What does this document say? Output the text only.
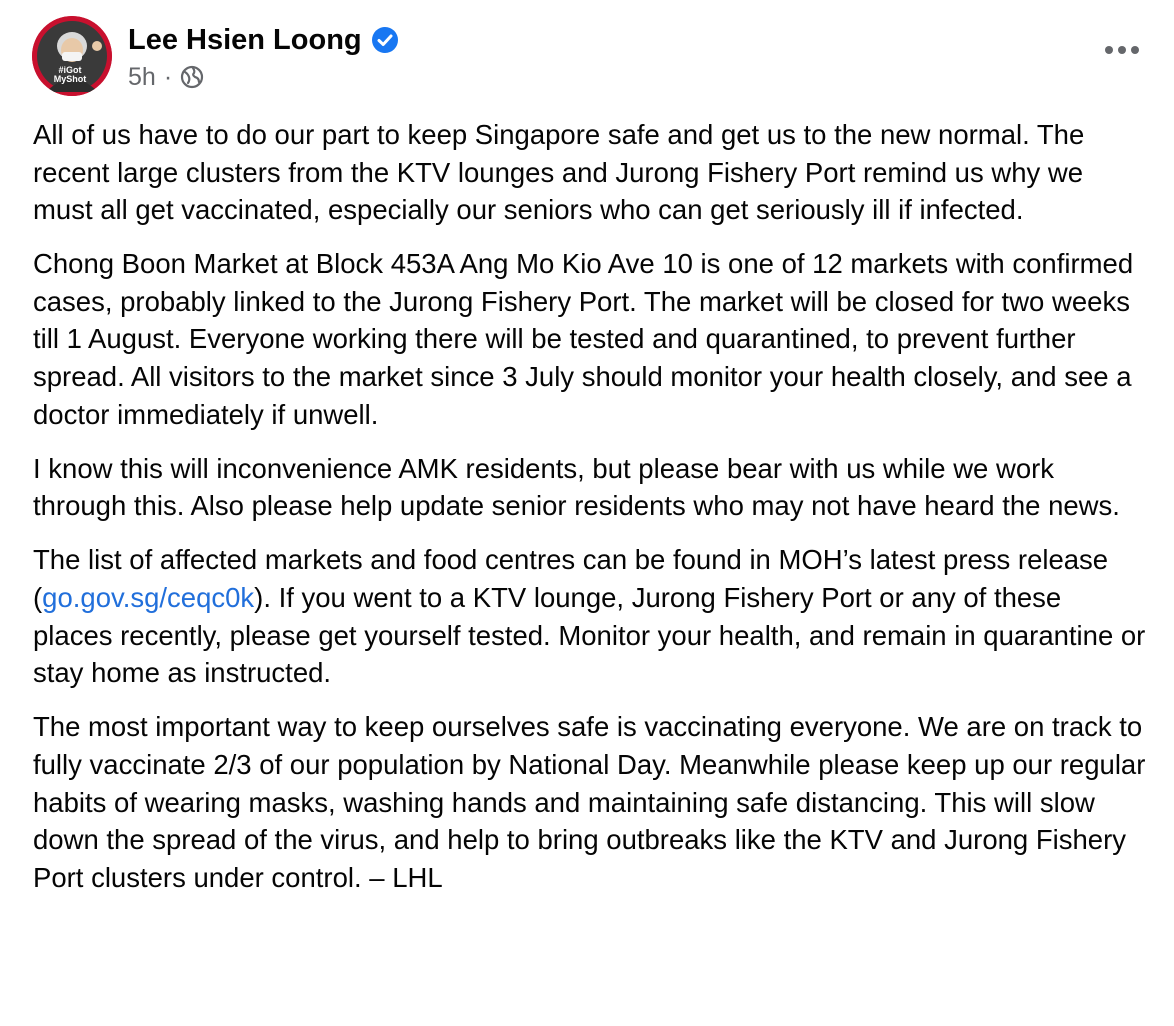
#iGot
MyShot
Lee Hsien Loong
5h ·

All of us have to do our part to keep Singapore safe and get us to the new normal. The recent large clusters from the KTV lounges and Jurong Fishery Port remind us why we must all get vaccinated, especially our seniors who can get seriously ill if infected.

Chong Boon Market at Block 453A Ang Mo Kio Ave 10 is one of 12 markets with confirmed cases, probably linked to the Jurong Fishery Port. The market will be closed for two weeks till 1 August. Everyone working there will be tested and quarantined, to prevent further spread. All visitors to the market since 3 July should monitor your health closely, and see a doctor immediately if unwell.

I know this will inconvenience AMK residents, but please bear with us while we work through this. Also please help update senior residents who may not have heard the news.

The list of affected markets and food centres can be found in MOH’s latest press release (go.gov.sg/ceqc0k). If you went to a KTV lounge, Jurong Fishery Port or any of these places recently, please get yourself tested. Monitor your health, and remain in quarantine or stay home as instructed.

The most important way to keep ourselves safe is vaccinating everyone. We are on track to fully vaccinate 2/3 of our population by National Day. Meanwhile please keep up our regular habits of wearing masks, washing hands and maintaining safe distancing. This will slow down the spread of the virus, and help to bring outbreaks like the KTV and Jurong Fishery Port clusters under control. – LHL
